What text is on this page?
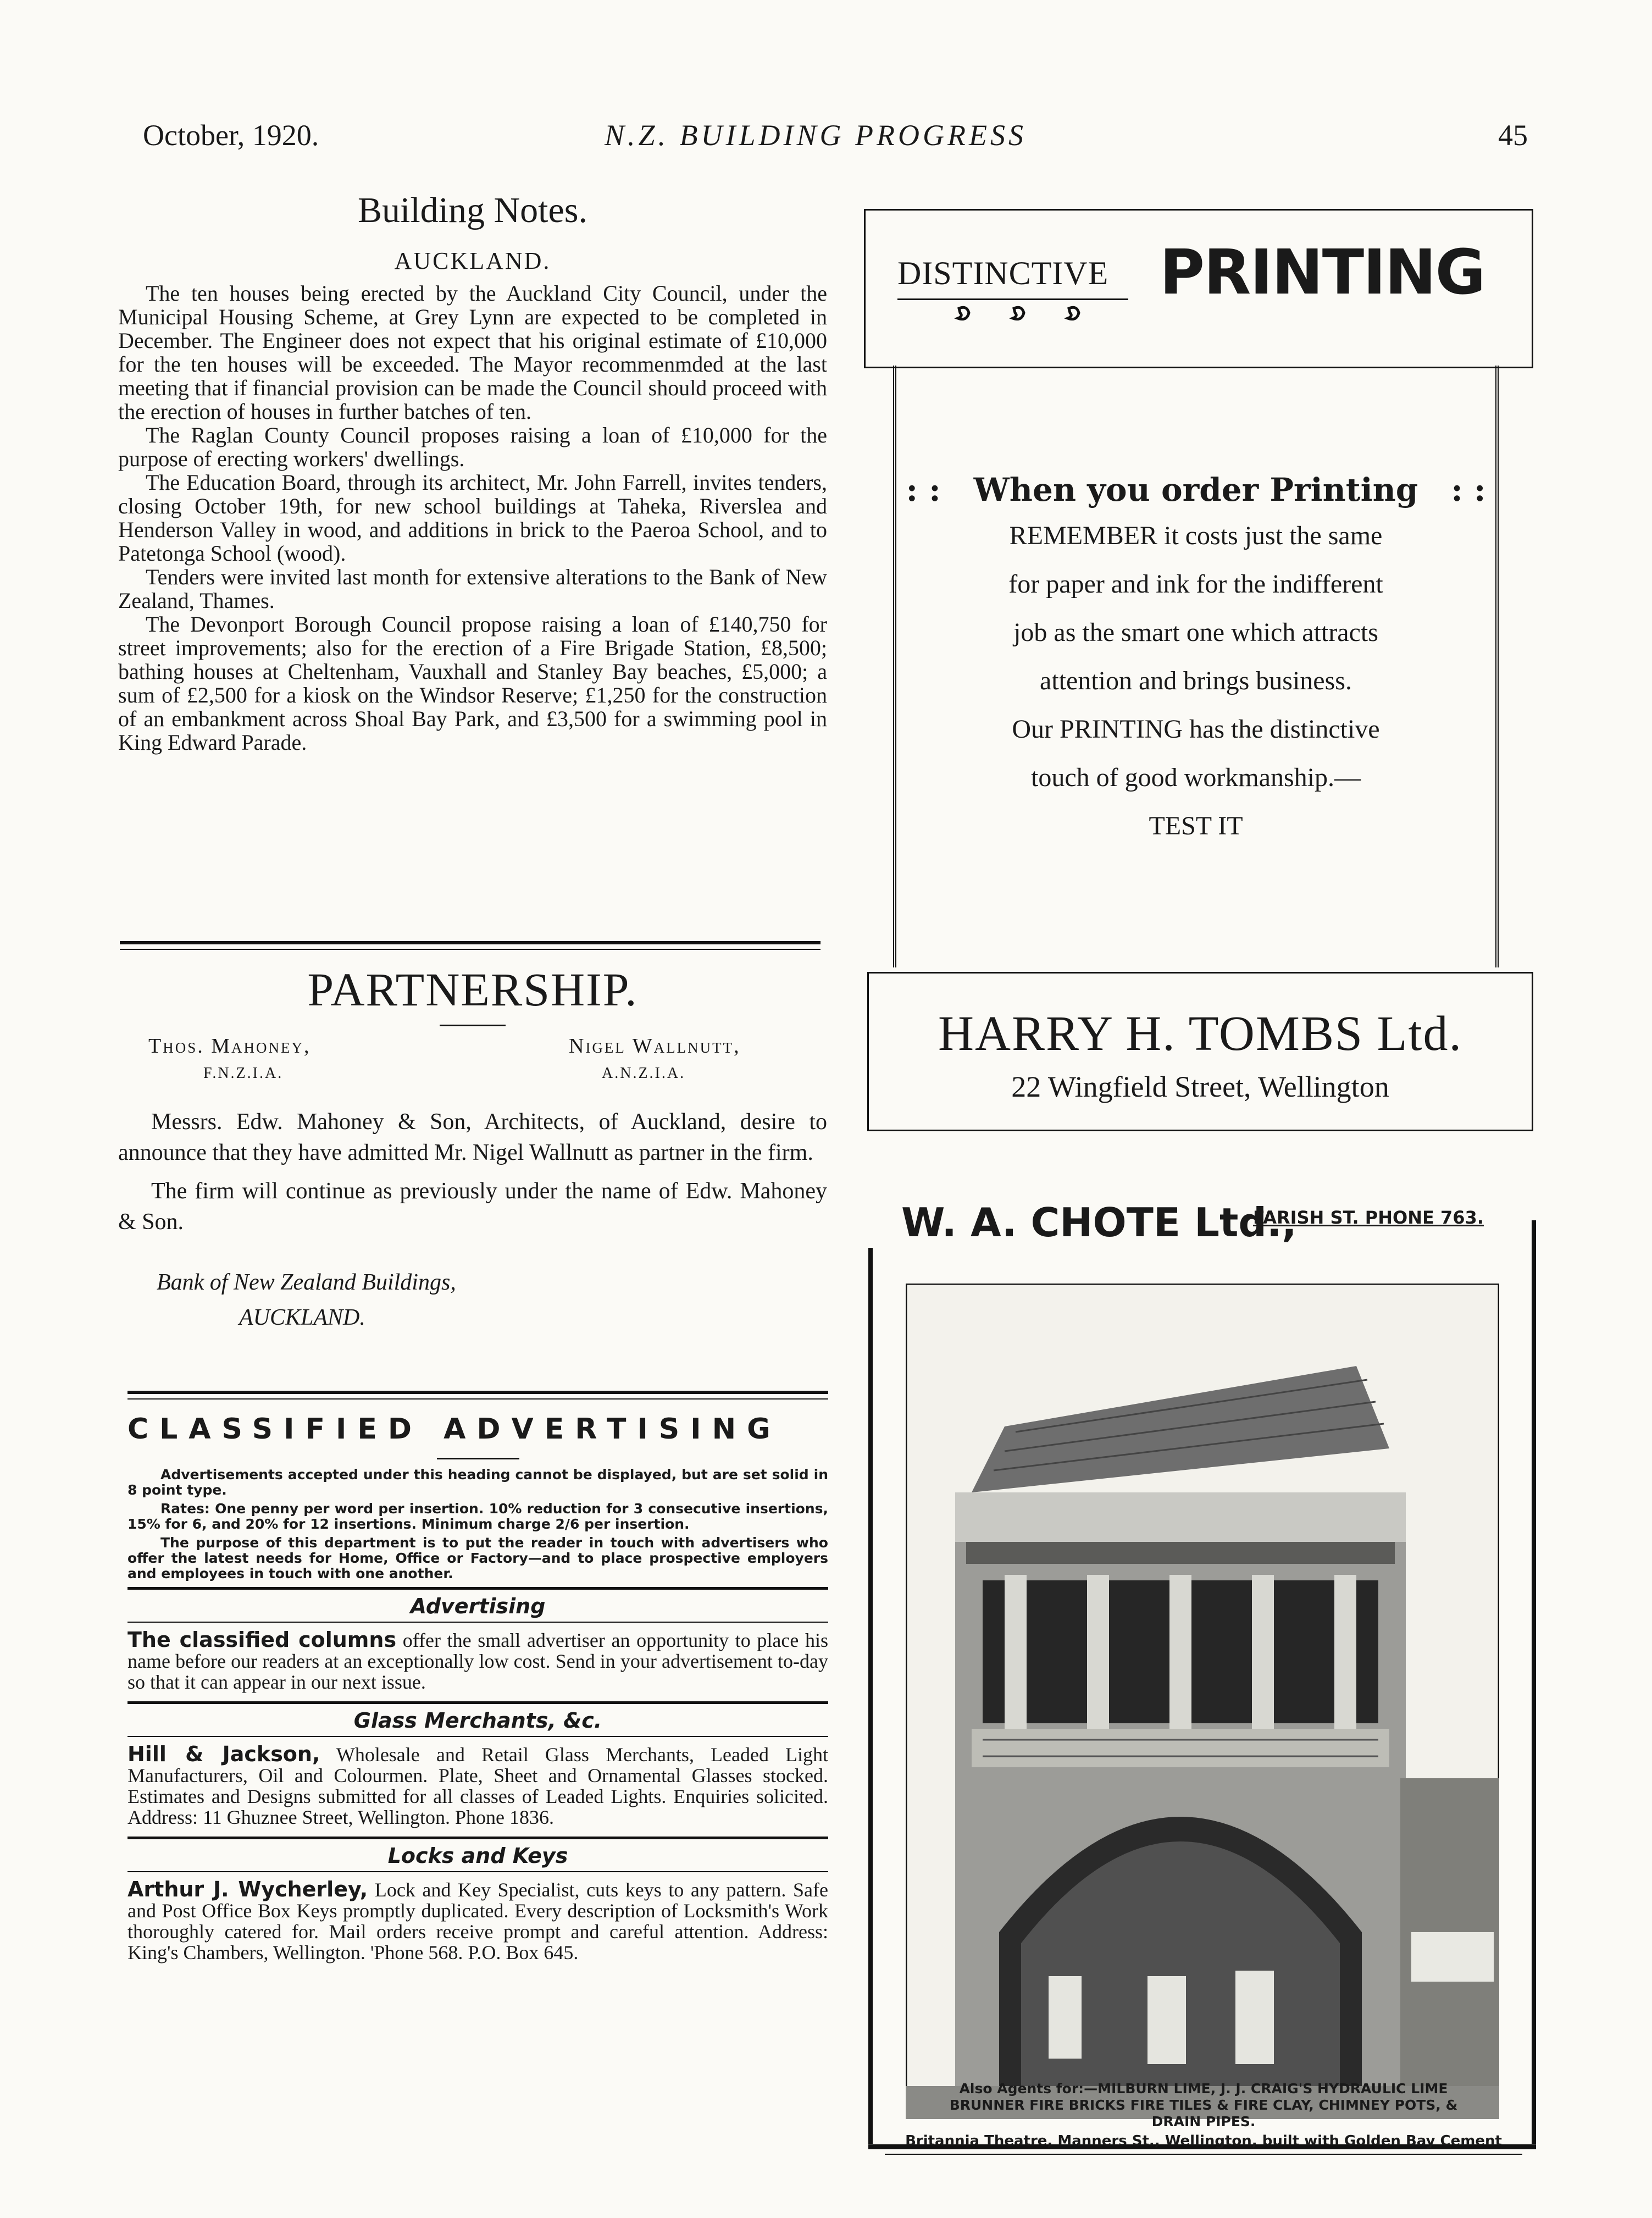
October, 1920.	N.Z. BUILDING PROGRESS	45
Building Notes.
AUCKLAND.

The ten houses being erected by the Auckland City Council, under the Municipal Housing Scheme, at Grey Lynn are expected to be completed in December. The Engineer does not expect that his original estimate of £10,000 for the ten houses will be exceeded. The Mayor recommenmded at the last meeting that if financial provision can be made the Council should proceed with the erection of houses in further batches of ten.

The Raglan County Council proposes raising a loan of £10,000 for the purpose of erecting workers' dwellings.

The Education Board, through its architect, Mr. John Farrell, invites tenders, closing October 19th, for new school buildings at Taheka, Riverslea and Henderson Valley in wood, and additions in brick to the Paeroa School, and to Patetonga School (wood).

Tenders were invited last month for extensive alterations to the Bank of New Zealand, Thames.

The Devonport Borough Council propose raising a loan of £140,750 for street improvements; also for the erection of a Fire Brigade Station, £8,500; bathing houses at Cheltenham, Vauxhall and Stanley Bay beaches, £5,000; a sum of £2,500 for a kiosk on the Windsor Reserve; £1,250 for the construction of an embankment across Shoal Bay Park, and £3,500 for a swimming pool in King Edward Parade.

PARTNERSHIP.
Thos. Mahoney,
F.N.Z.I.A.
Nigel Wallnutt,
A.N.Z.I.A.

Messrs. Edw. Mahoney & Son, Architects, of Auckland, desire to announce that they have admitted Mr. Nigel Wallnutt as partner in the firm.

The firm will continue as previously under the name of Edw. Mahoney & Son.

Bank of New Zealand Buildings,
AUCKLAND.
CLASSIFIED ADVERTISING

Advertisements accepted under this heading cannot be displayed, but are set solid in 8 point type.

Rates: One penny per word per insertion. 10% reduction for 3 consecutive insertions, 15% for 6, and 20% for 12 insertions. Minimum charge 2/6 per insertion.

The purpose of this department is to put the reader in touch with advertisers who offer the latest needs for Home, Office or Factory—and to place prospective employers and employees in touch with one another.

Advertising
The classified columns offer the small advertiser an opportunity to place his name before our readers at an exceptionally low cost. Send in your advertisement to-day so that it can appear in our next issue.
Glass Merchants, &c.
Hill & Jackson, Wholesale and Retail Glass Merchants, Leaded Light Manufacturers, Oil and Colourmen. Plate, Sheet and Ornamental Glasses stocked. Estimates and Designs submitted for all classes of Leaded Lights. Enquiries solicited. Address: 11 Ghuznee Street, Wellington. Phone 1836.
Locks and Keys
Arthur J. Wycherley, Lock and Key Specialist, cuts keys to any pattern. Safe and Post Office Box Keys promptly duplicated. Every description of Locksmith's Work thoroughly catered for. Mail orders receive prompt and careful attention. Address: King's Chambers, Wellington. 'Phone 568. P.O. Box 645.
DISTINCTIVE PRINTING
: : When you order Printing : :
REMEMBER it costs just the same
for paper and ink for the indifferent
job as the smart one which attracts
attention and brings business.
Our PRINTING has the distinctive
touch of good workmanship.—
TEST IT
HARRY H. TOMBS Ltd.
22 Wingfield Street, Wellington
W. A. CHOTE Ltd.,
FARISH ST. PHONE 763.
Britannia Theatre, Manners St., Wellington, built with Golden Bay Cement
Also Agents for:—MILBURN LIME, J. J. CRAIG'S HYDRAULIC LIME
BRUNNER FIRE BRICKS FIRE TILES & FIRE CLAY, CHIMNEY POTS, &
DRAIN PIPES.
